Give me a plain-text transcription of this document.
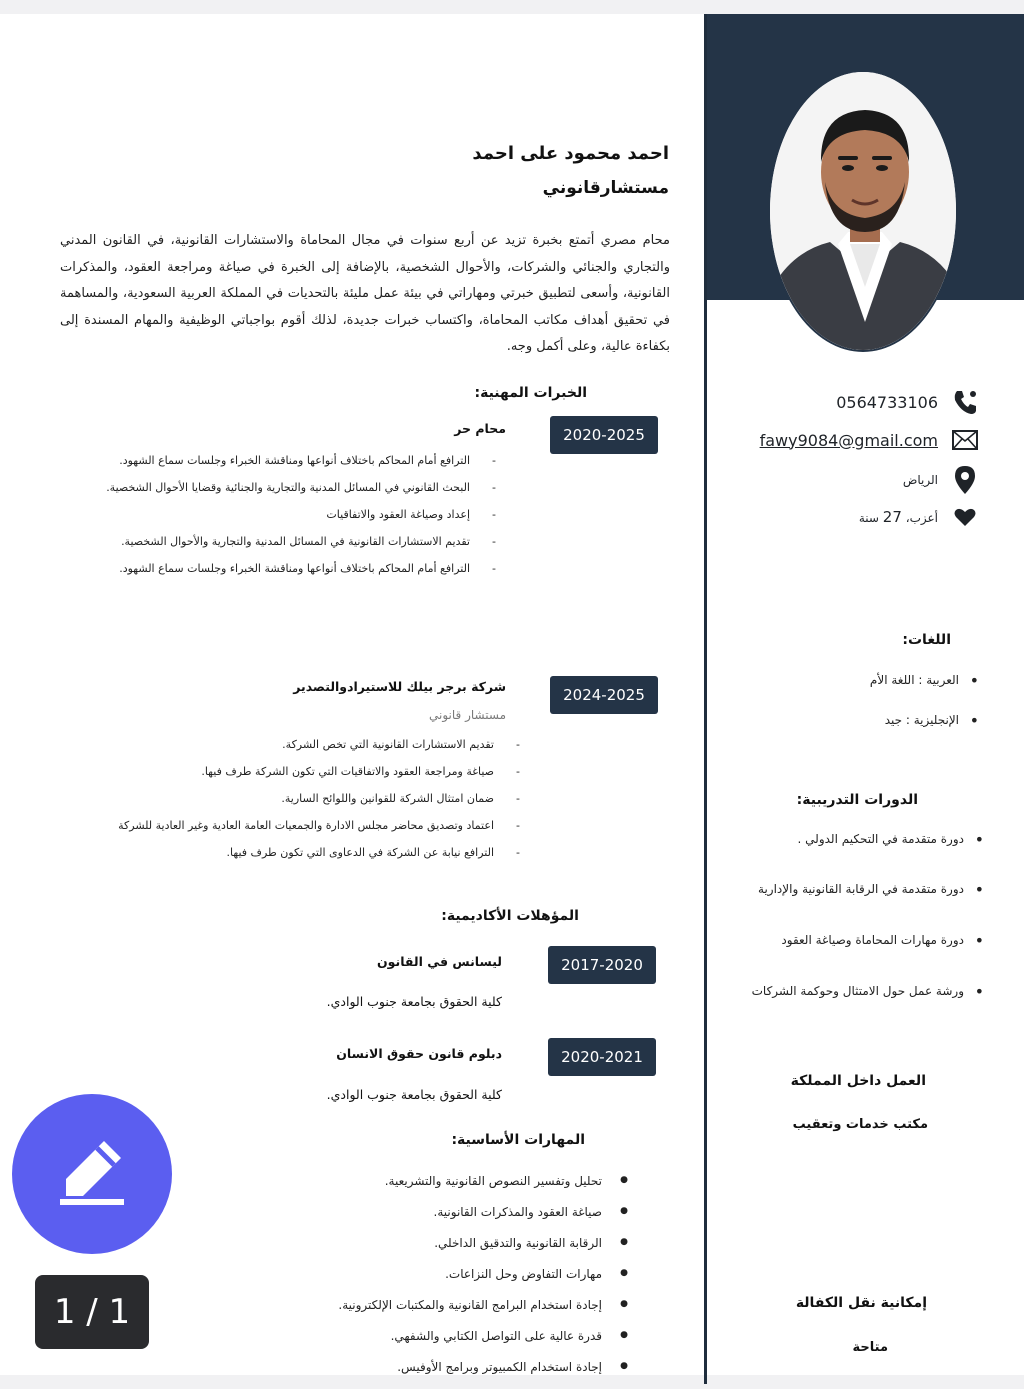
0564733106
fawy9084@gmail.com
الرياض
أعزب، 27 سنة
اللغات:
• العربية : اللغة الأم
• الإنجليزية : جيد
الدورات التدريبية:
• دورة متقدمة في التحكيم الدولي .
• دورة متقدمة في الرقابة القانونية والإدارية
• دورة مهارات المحاماة وصياغة العقود
• ورشة عمل حول الامتثال وحوكمة الشركات
العمل داخل المملكة
مكتب خدمات وتعقيب
إمكانية نقل الكفالة
متاحة
احمد محمود على احمد
مستشارقانوني
محام مصري أتمتع بخبرة تزيد عن أربع سنوات في مجال المحاماة والاستشارات القانونية، في القانون المدني والتجاري والجنائي والشركات، والأحوال الشخصية، بالإضافة إلى الخبرة في صياغة ومراجعة العقود، والمذكرات القانونية، وأسعى لتطبيق خبرتي ومهاراتي في بيئة عمل مليئة بالتحديات في المملكة العربية السعودية، والمساهمة في تحقيق أهداف مكاتب المحاماة، واكتساب خبرات جديدة، لذلك أقوم بواجباتي الوظيفية والمهام المسندة إلى بكفاءة عالية، وعلى أكمل وجه.
الخبرات المهنية:
2020-2025
محام حر
- الترافع أمام المحاكم باختلاف أنواعها ومناقشة الخبراء وجلسات سماع الشهود.
- البحث القانوني في المسائل المدنية والتجارية والجنائية وقضايا الأحوال الشخصية.
- إعداد وصياغة العقود والاتفاقيات
- تقديم الاستشارات القانونية في المسائل المدنية والتجارية والأحوال الشخصية.
- الترافع أمام المحاكم باختلاف أنواعها ومناقشة الخبراء وجلسات سماع الشهود.
2024-2025
شركة برجر بيلك للاستيرادوالتصدير
مستشار قانوني
- تقديم الاستشارات القانونية التي تخص الشركة.
- صياغة ومراجعة العقود والاتفاقيات التي تكون الشركة طرف فيها.
- ضمان امتثال الشركة للقوانين واللوائح السارية.
- اعتماد وتصديق محاضر مجلس الادارة والجمعيات العامة العادية وغير العادية للشركة
- الترافع نيابة عن الشركة في الدعاوى التي تكون طرف فيها.
المؤهلات الأكاديمية:
2017-2020
ليسانس في القانون
كلية الحقوق بجامعة جنوب الوادي.
2020-2021
دبلوم قانون حقوق الانسان
كلية الحقوق بجامعة جنوب الوادي.
المهارات الأساسية:
● تحليل وتفسير النصوص القانونية والتشريعية.
● صياغة العقود والمذكرات القانونية.
● الرقابة القانونية والتدقيق الداخلي.
● مهارات التفاوض وحل النزاعات.
● إجادة استخدام البرامج القانونية والمكتبات الإلكترونية.
● قدرة عالية على التواصل الكتابي والشفهي.
● إجادة استخدام الكمبيوتر وبرامج الأوفيس.
1 / 1
